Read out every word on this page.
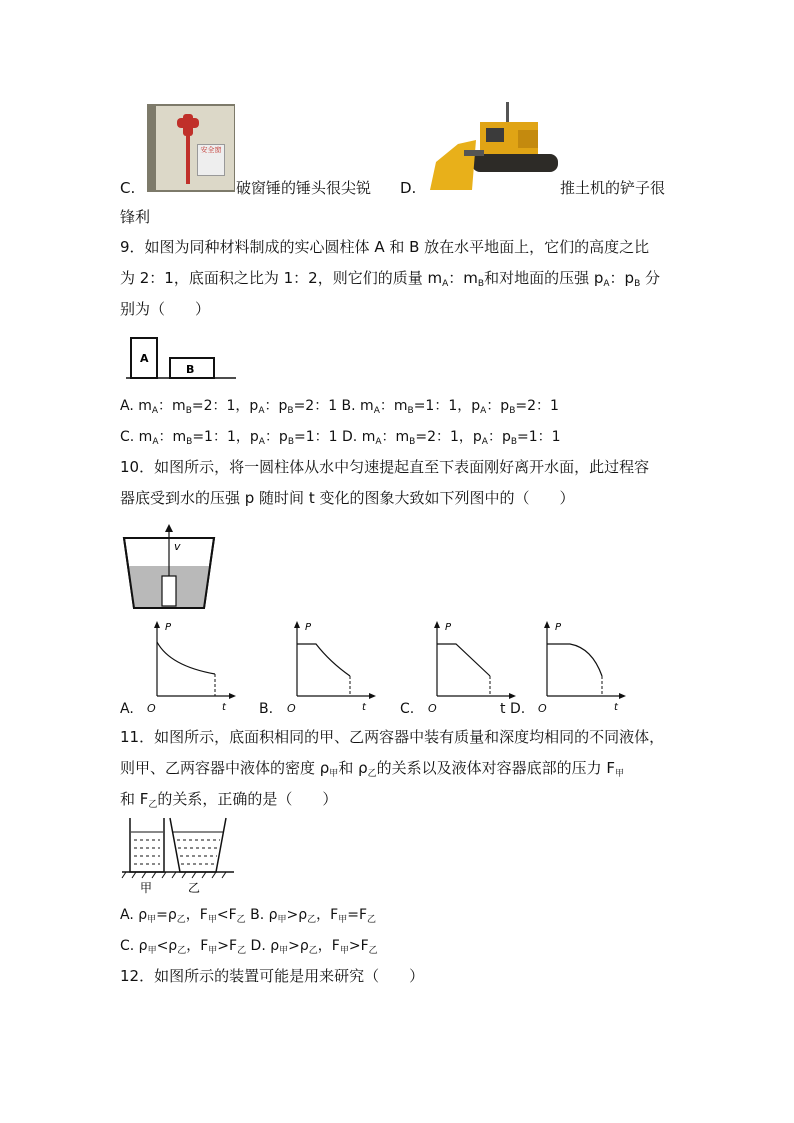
安全窗
C.	破窗锤的锤头很尖锐 D.	推土机的铲子很
锋利
9．如图为同种材料制成的实心圆柱体 A 和 B 放在水平地面上，它们的高度之比
为 2：1，底面积之比为 1：2，则它们的质量 $m_A$：$m_B$和对地面的压强 $p_A$：$p_B$ 分
别为（　　）
A
B
A. $m_A$：$m_B=2$：1，$p_A$：$p_B=2$：1 B. $m_A$：$m_B=1$：1，$p_A$：$p_B=2$：1
C. $m_A$：$m_B=1$：1，$p_A$：$p_B=1$：1 D. $m_A$：$m_B=2$：1，$p_A$：$p_B=1$：1
10．如图所示，将一圆柱体从水中匀速提起直至下表面刚好离开水面，此过程容
器底受到水的压强 p 随时间 t 变化的图象大致如下列图中的（　　）
v
P
t
P
t
P	P
t
A. O	B. O	C. O	t D. O
11．如图所示，底面积相同的甲、乙两容器中装有质量和深度均相同的不同液体，
则甲、乙两容器中液体的密度 $\rho_甲$和 $\rho_乙$的关系以及液体对容器底部的压力 $F_甲$
和 $F_乙$的关系，正确的是（　　）
甲	乙
A. $\rho_甲=\rho_乙$，$F_甲<F_乙$ B. $\rho_甲>\rho_乙$，$F_甲=F_乙$
C. $\rho_甲<\rho_乙$，$F_甲>F_乙$ D. $\rho_甲>\rho_乙$，$F_甲>F_乙$
12．如图所示的装置可能是用来研究（　　）
